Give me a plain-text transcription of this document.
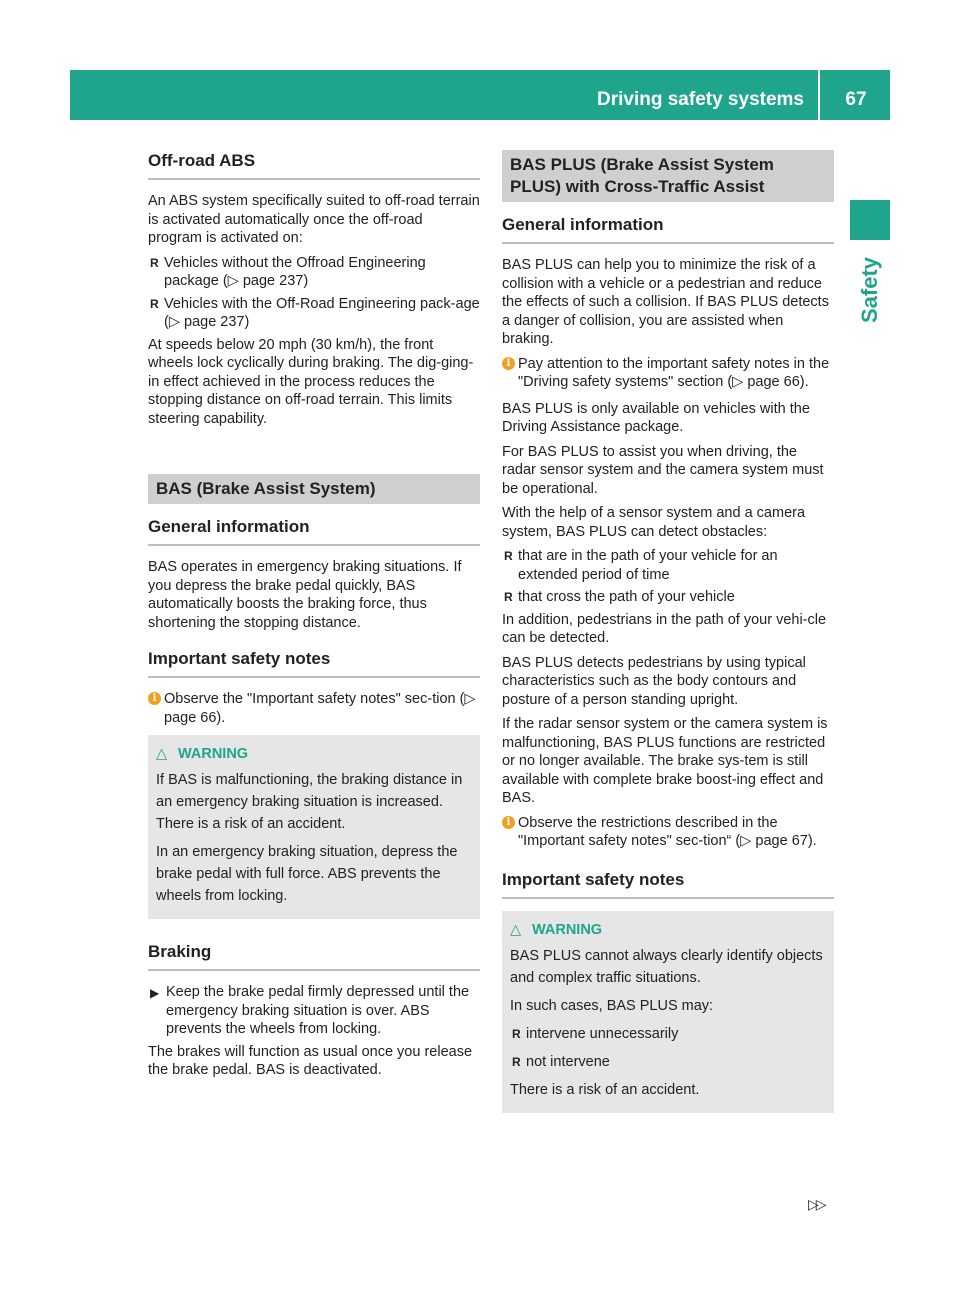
Driving safety systems	67
Safety
Off-road ABS

An ABS system specifically suited to off-road terrain is activated automatically once the off-road program is activated on:

R Vehicles without the Offroad Engineering package (▷ page 237)
R Vehicles with the Off-Road Engineering pack-age (▷ page 237)

At speeds below 20 mph (30 km/h), the front wheels lock cyclically during braking. The dig-ging-in effect achieved in the process reduces the stopping distance on off-road terrain. This limits steering capability.

BAS (Brake Assist System)
General information

BAS operates in emergency braking situations. If you depress the brake pedal quickly, BAS automatically boosts the braking force, thus shortening the stopping distance.

Important safety notes
i Observe the "Important safety notes" sec-tion (▷ page 66).
△ WARNING

If BAS is malfunctioning, the braking distance in an emergency braking situation is increased. There is a risk of an accident.

In an emergency braking situation, depress the brake pedal with full force. ABS prevents the wheels from locking.

Braking
▶ Keep the brake pedal firmly depressed until the emergency braking situation is over. ABS prevents the wheels from locking.

The brakes will function as usual once you release the brake pedal. BAS is deactivated.

BAS PLUS (Brake Assist System PLUS) with Cross-Traffic Assist
General information

BAS PLUS can help you to minimize the risk of a collision with a vehicle or a pedestrian and reduce the effects of such a collision. If BAS PLUS detects a danger of collision, you are assisted when braking.

i Pay attention to the important safety notes in the "Driving safety systems" section (▷ page 66).

BAS PLUS is only available on vehicles with the Driving Assistance package.

For BAS PLUS to assist you when driving, the radar sensor system and the camera system must be operational.

With the help of a sensor system and a camera system, BAS PLUS can detect obstacles:

R that are in the path of your vehicle for an extended period of time
R that cross the path of your vehicle

In addition, pedestrians in the path of your vehi-cle can be detected.

BAS PLUS detects pedestrians by using typical characteristics such as the body contours and posture of a person standing upright.

If the radar sensor system or the camera system is malfunctioning, BAS PLUS functions are restricted or no longer available. The brake sys-tem is still available with complete brake boost-ing effect and BAS.

i Observe the restrictions described in the "Important safety notes" sec-tion“ (▷ page 67).
Important safety notes
△ WARNING

BAS PLUS cannot always clearly identify objects and complex traffic situations.

In such cases, BAS PLUS may:

R intervene unnecessarily
R not intervene

There is a risk of an accident.

▷▷
